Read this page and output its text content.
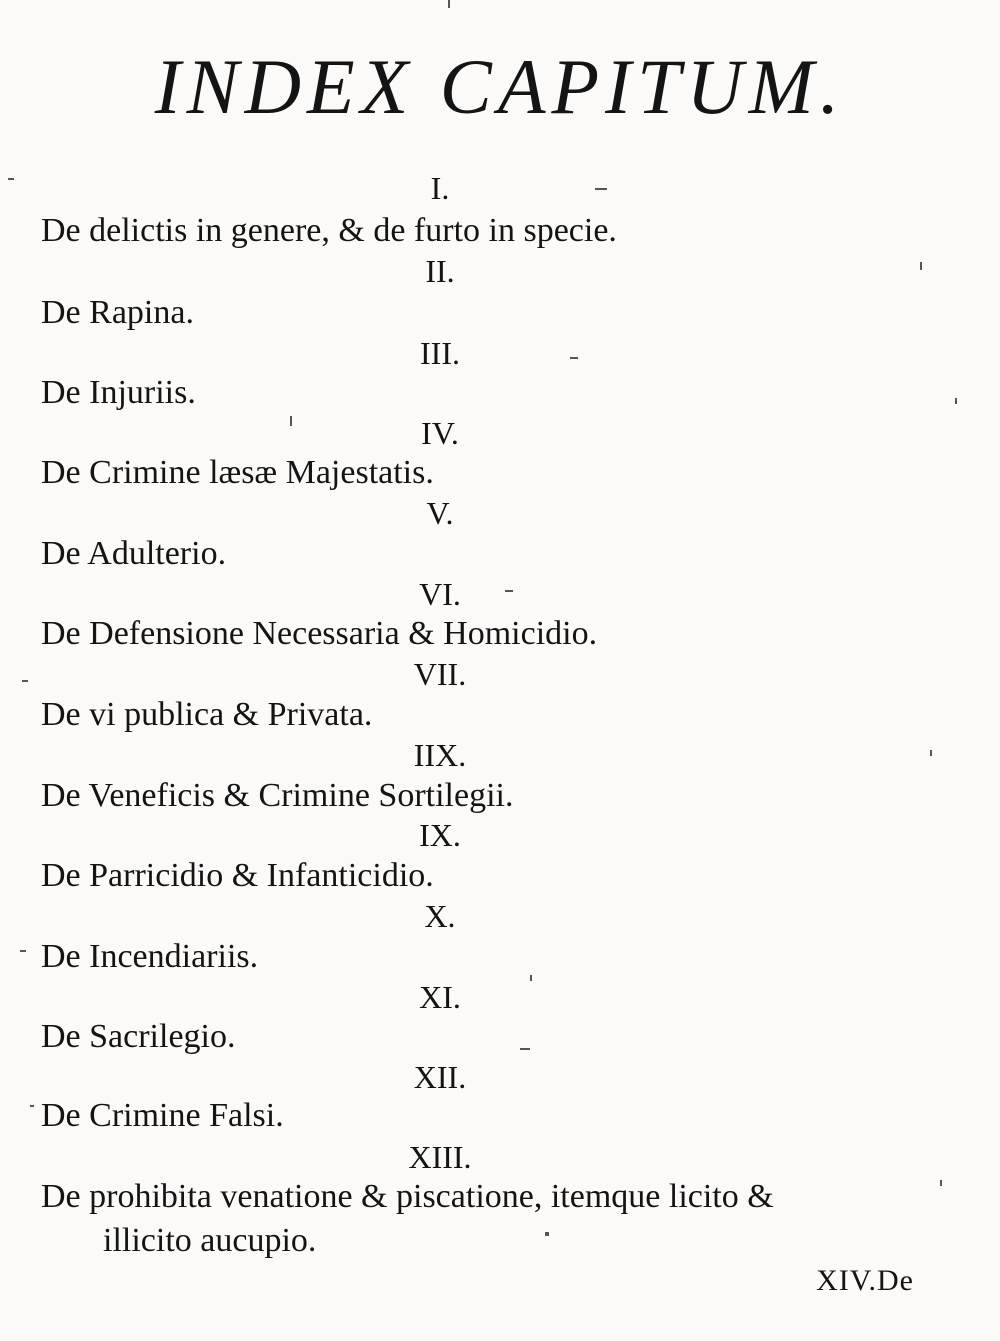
INDEX CAPITUM.
I.
De delictis in genere, & de furto in specie.
II.
De Rapina.
III.
De Injuriis.
IV.
De Crimine læsæ Majestatis.
V.
De Adulterio.
VI.
De Defensione Necessaria & Homicidio.
VII.
De vi publica & Privata.
IIX.
De Veneficis & Crimine Sortilegii.
IX.
De Parricidio & Infanticidio.
X.
De Incendiariis.
XI.
De Sacrilegio.
XII.
De Crimine Falsi.
XIII.
De prohibita venatione & piscatione, itemque licito &
illicito aucupio.
XIV.De
